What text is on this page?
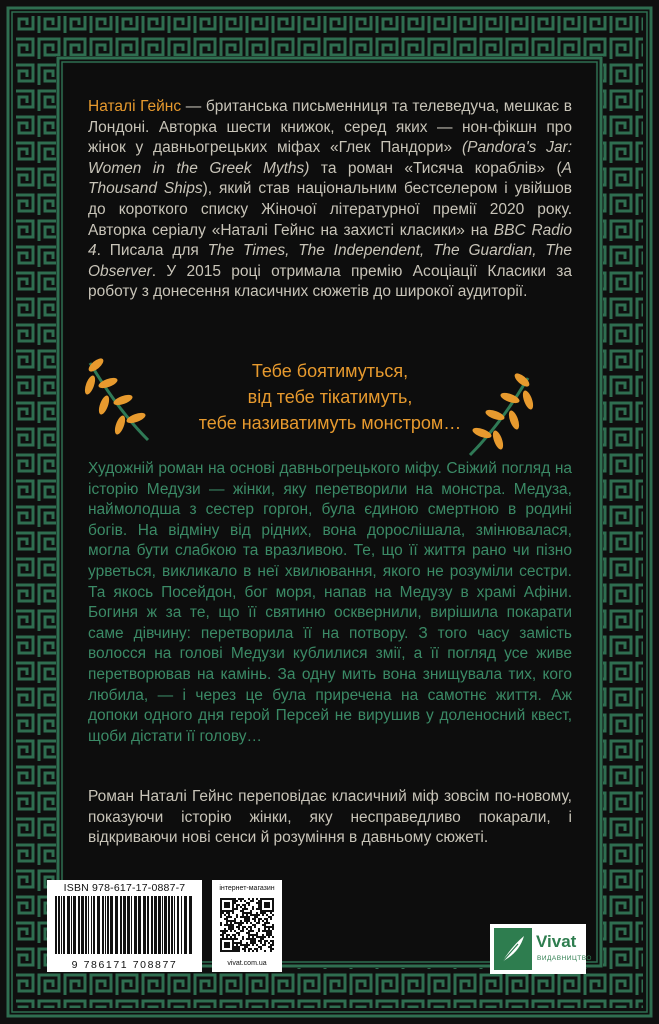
Наталі Гейнс — британська письменниця та телеведуча, мешкає в Лондоні. Авторка шести книжок, серед яких — нон-фікшн про жінок у давньогрецьких міфах «Глек Пандори» (Pandora's Jar: Women in the Greek Myths) та роман «Тисяча кораблів» (A Thousand Ships), який став національним бестселером і увійшов до короткого списку Жіночої літературної премії 2020 року. Авторка серіалу «Наталі Гейнс на захисті класики» на BBC Radio 4. Писала для The Times, The Independent, The Guardian, The Observer. У 2015 році отримала премію Асоціації Класики за роботу з донесення класичних сюжетів до широкої аудиторії.
Тебе боятимуться,
від тебе тікатимуть,
тебе називатимуть монстром…
Художній роман на основі давньогрецького міфу. Свіжий погляд на історію Медузи — жінки, яку перетворили на монстра. Медуза, наймолодша з сестер горгон, була єдиною смертною в родині богів. На відміну від рідних, вона дорослішала, змінювалася, могла бути слабкою та вразливою. Те, що її життя рано чи пізно урветься, викликало в неї хвилювання, якого не розуміли сестри. Та якось Посейдон, бог моря, напав на Медузу в храмі Афіни. Богиня ж за те, що її святиню осквернили, вирішила покарати саме дівчину: перетворила її на потвору. З того часу замість волосся на голові Медузи кублилися змії, а її погляд усе живе перетворював на камінь. За одну мить вона знищувала тих, кого любила, — і через це була приречена на самотнє життя. Аж допоки одного дня герой Персей не вирушив у доленосний квест, щоби дістати її голову…
Роман Наталі Гейнс переповідає класичний міф зовсім по-новому, показуючи історію жінки, яку несправедливо покарали, і відкриваючи нові сенси й розуміння в давньому сюжеті.
ISBN 978-617-17-0887-7
9 786171 708877
інтернет-магазин
vivat.com.ua
Vivat
ВИДАВНИЦТВО
